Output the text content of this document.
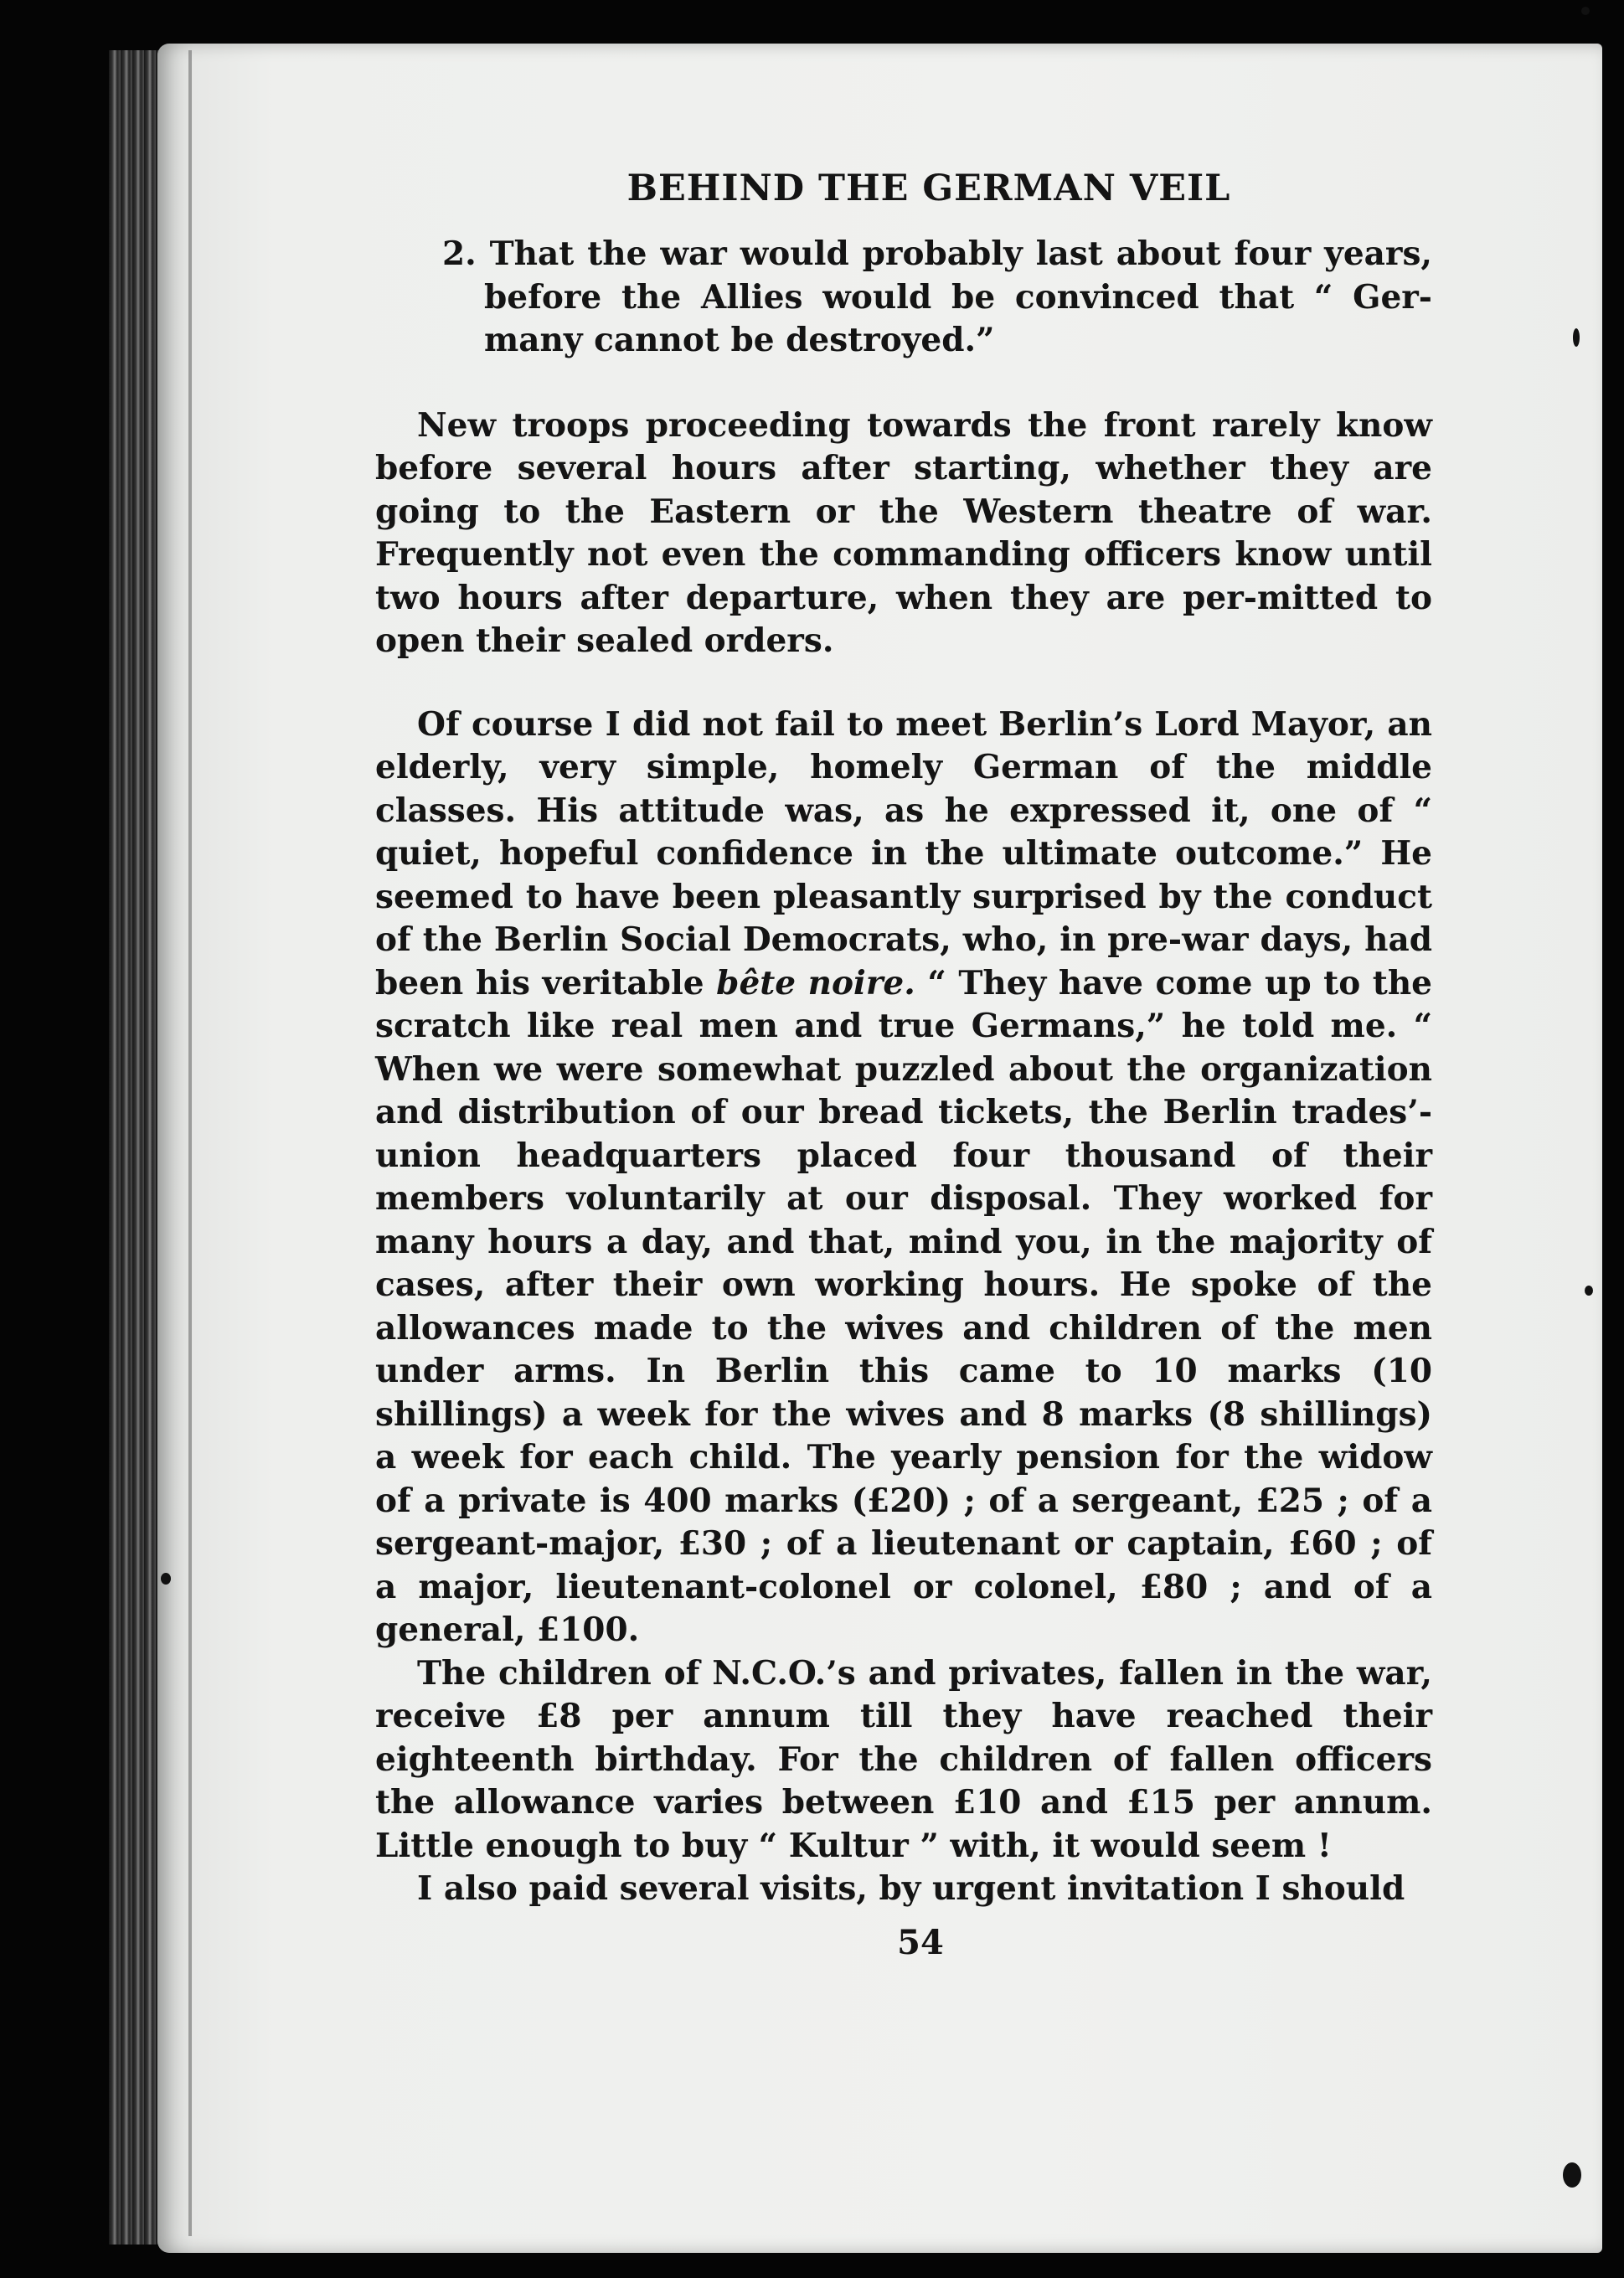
BEHIND THE GERMAN VEIL

2. That the war would probably last about four years, before the Allies would be convinced that “ Ger-many cannot be destroyed.”

New troops proceeding towards the front rarely know before several hours after starting, whether they are going to the Eastern or the Western theatre of war. Frequently not even the commanding officers know until two hours after departure, when they are per-mitted to open their sealed orders.

Of course I did not fail to meet Berlin’s Lord Mayor, an elderly, very simple, homely German of the middle classes. His attitude was, as he expressed it, one of “ quiet, hopeful confidence in the ultimate outcome.” He seemed to have been pleasantly surprised by the conduct of the Berlin Social Democrats, who, in pre-war days, had been his veritable bête noire. “ They have come up to the scratch like real men and true Germans,” he told me. “ When we were somewhat puzzled about the organization and distribution of our bread tickets, the Berlin trades’-union headquarters placed four thousand of their members voluntarily at our disposal. They worked for many hours a day, and that, mind you, in the majority of cases, after their own working hours. He spoke of the allowances made to the wives and children of the men under arms. In Berlin this came to 10 marks (10 shillings) a week for the wives and 8 marks (8 shillings) a week for each child. The yearly pension for the widow of a private is 400 marks (£20) ; of a sergeant, £25 ; of a sergeant-major, £30 ; of a lieutenant or captain, £60 ; of a major, lieutenant-colonel or colonel, £80 ; and of a general, £100.

The children of N.C.O.’s and privates, fallen in the war, receive £8 per annum till they have reached their eighteenth birthday. For the children of fallen officers the allowance varies between £10 and £15 per annum. Little enough to buy “ Kultur ” with, it would seem !

I also paid several visits, by urgent invitation I should

54
